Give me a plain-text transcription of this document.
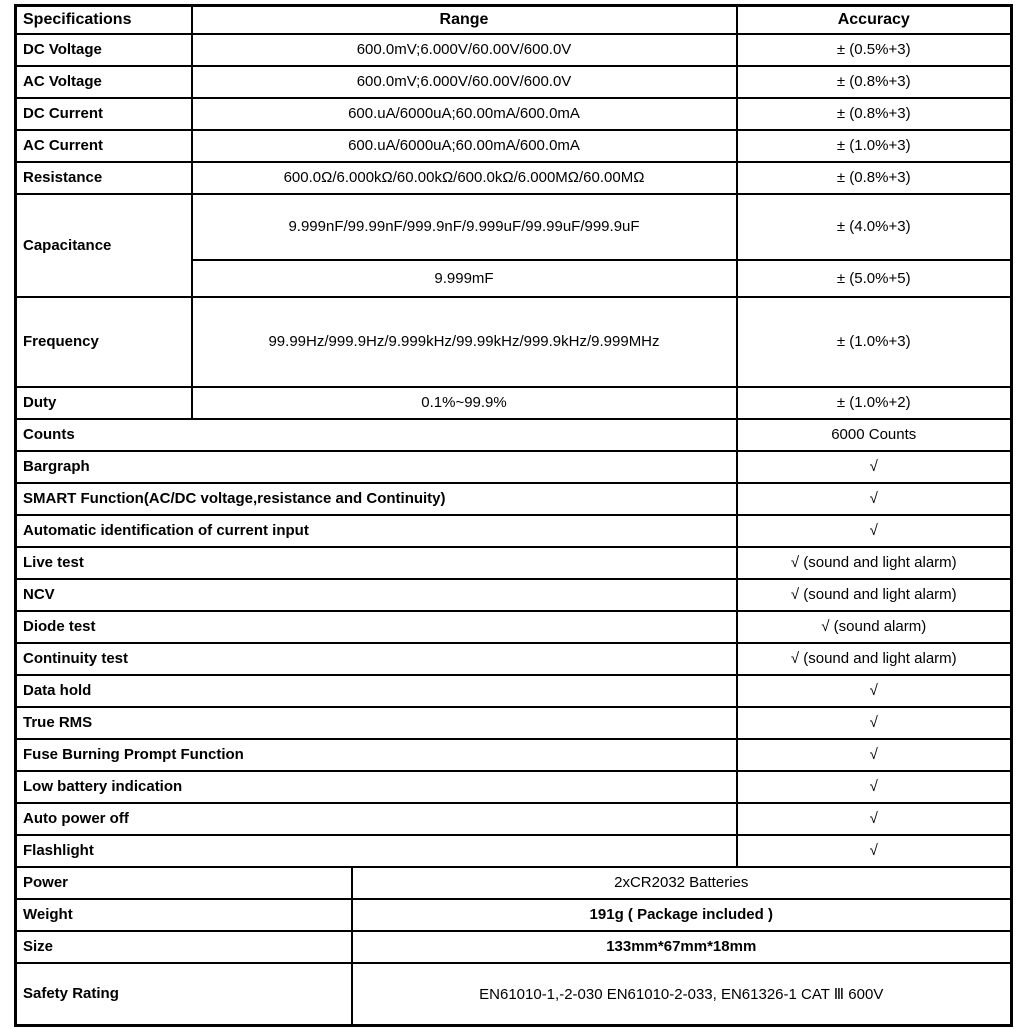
Specifications	Range		Accuracy
DC Voltage	600.0mV;6.000V/60.00V/600.0V		± (0.5%+3)
AC Voltage	600.0mV;6.000V/60.00V/600.0V		± (0.8%+3)
DC Current	600.uA/6000uA;60.00mA/600.0mA		± (0.8%+3)
AC Current	600.uA/6000uA;60.00mA/600.0mA		± (1.0%+3)
Resistance	600.0Ω/6.000kΩ/60.00kΩ/600.0kΩ/6.000MΩ/60.00MΩ		± (0.8%+3)
Capacitance	9.999nF/99.99nF/999.9nF/9.999uF/99.99uF/999.9uF		± (4.0%+3)
	9.999mF		± (5.0%+5)
Frequency	99.99Hz/999.9Hz/9.999kHz/99.99kHz/999.9kHz/9.999MHz		± (1.0%+3)
Duty	0.1%~99.9%		± (1.0%+2)
Counts			6000 Counts
Bargraph			√
SMART Function(AC/DC voltage,resistance and Continuity)			√
Automatic identification of current input			√
Live test			√ (sound and light alarm)
NCV			√ (sound and light alarm)
Diode test			√ (sound alarm)
Continuity test			√ (sound and light alarm)
Data hold			√
True RMS			√
Fuse Burning Prompt Function			√
Low battery indication			√
Auto power off			√
Flashlight			√
Power		2xCR2032 Batteries	
Weight		191g ( Package included )	
Size		133mm*67mm*18mm	
Safety Rating		EN61010-1,-2-030 EN61010-2-033, EN61326-1 CAT Ⅲ 600V	
